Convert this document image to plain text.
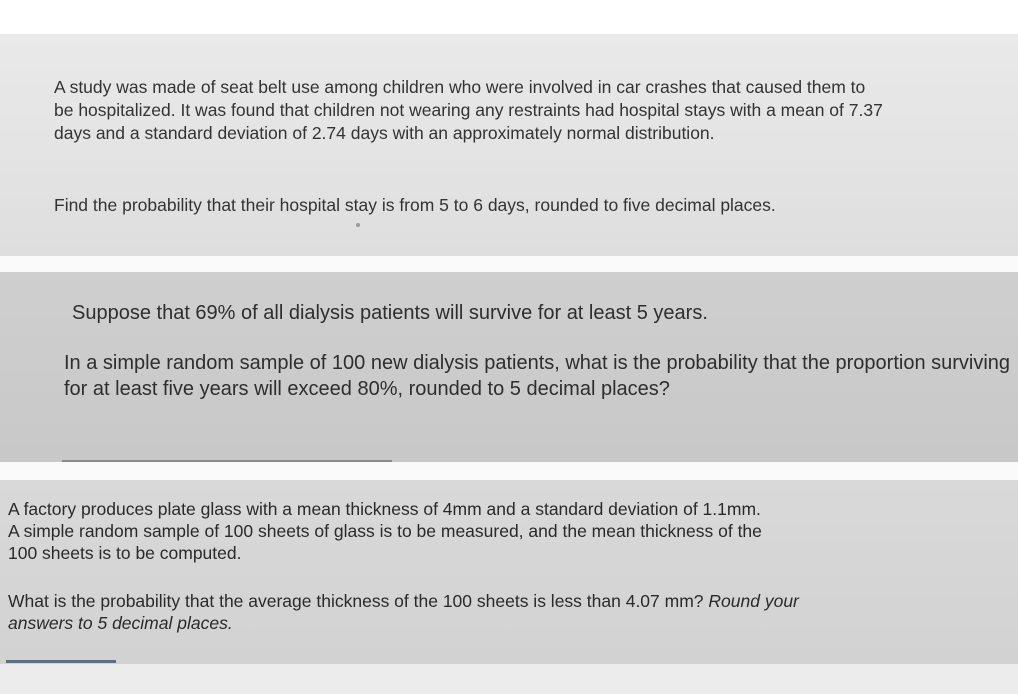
A study was made of seat belt use among children who were involved in car crashes that caused them to be hospitalized. It was found that children not wearing any restraints had hospital stays with a mean of 7.37 days and a standard deviation of 2.74 days with an approximately normal distribution.

Find the probability that their hospital stay is from 5 to 6 days, rounded to five decimal places.

Suppose that 69% of all dialysis patients will survive for at least 5 years.

In a simple random sample of 100 new dialysis patients, what is the probability that the proportion surviving for at least five years will exceed 80%, rounded to 5 decimal places?

A factory produces plate glass with a mean thickness of 4mm and a standard deviation of 1.1mm. A simple random sample of 100 sheets of glass is to be measured, and the mean thickness of the 100 sheets is to be computed.

What is the probability that the average thickness of the 100 sheets is less than 4.07 mm? Round your answers to 5 decimal places.
